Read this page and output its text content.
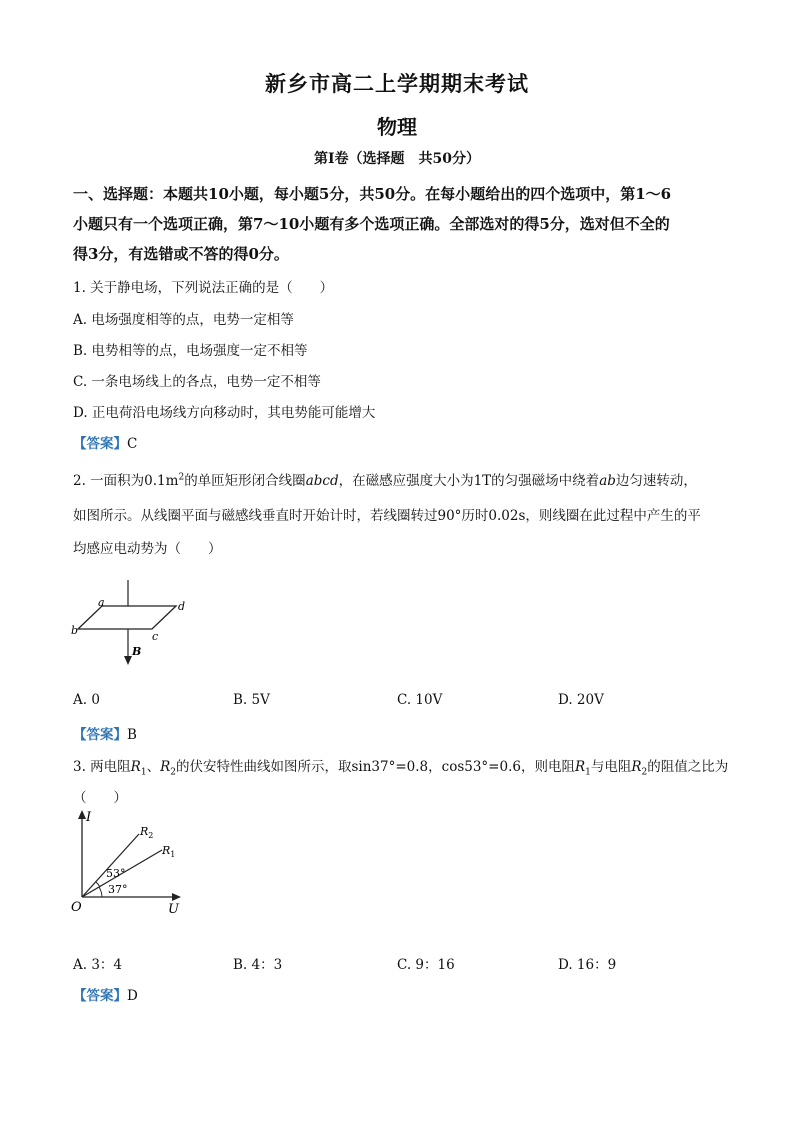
新乡市高二上学期期末考试
物理
第Ⅰ卷（选择题　共50分）
一、选择题：本题共10小题，每小题5分，共50分。在每小题给出的四个选项中，第1～6
小题只有一个选项正确，第7～10小题有多个选项正确。全部选对的得5分，选对但不全的
得3分，有选错或不答的得0分。
1. 关于静电场，下列说法正确的是（　　）
A. 电场强度相等的点，电势一定相等
B. 电势相等的点，电场强度一定不相等
C. 一条电场线上的各点，电势一定不相等
D. 正电荷沿电场线方向移动时，其电势能可能增大
【答案】C
2. 一面积为$0.1m^2$的单匝矩形闭合线圈abcd，在磁感应强度大小为1T的匀强磁场中绕着ab边匀速转动，
如图所示。从线圈平面与磁感线垂直时开始计时，若线圈转过90°历时0.02s，则线圈在此过程中产生的平
均感应电动势为（　　）
a	d
b	c
B
A. 0	B. 5V	C. 10V	D. 20V
【答案】B
3. 两电阻$R_1$、$R_2$的伏安特性曲线如图所示，取sin37°=0.8，cos53°=0.6，则电阻$R_1$与电阻$R_2$的阻值之比为
（　　）
I
U
O
$R_2$
$R_1$
53°
37°
A. 3：4	B. 4：3	C. 9：16	D. 16：9
【答案】D
